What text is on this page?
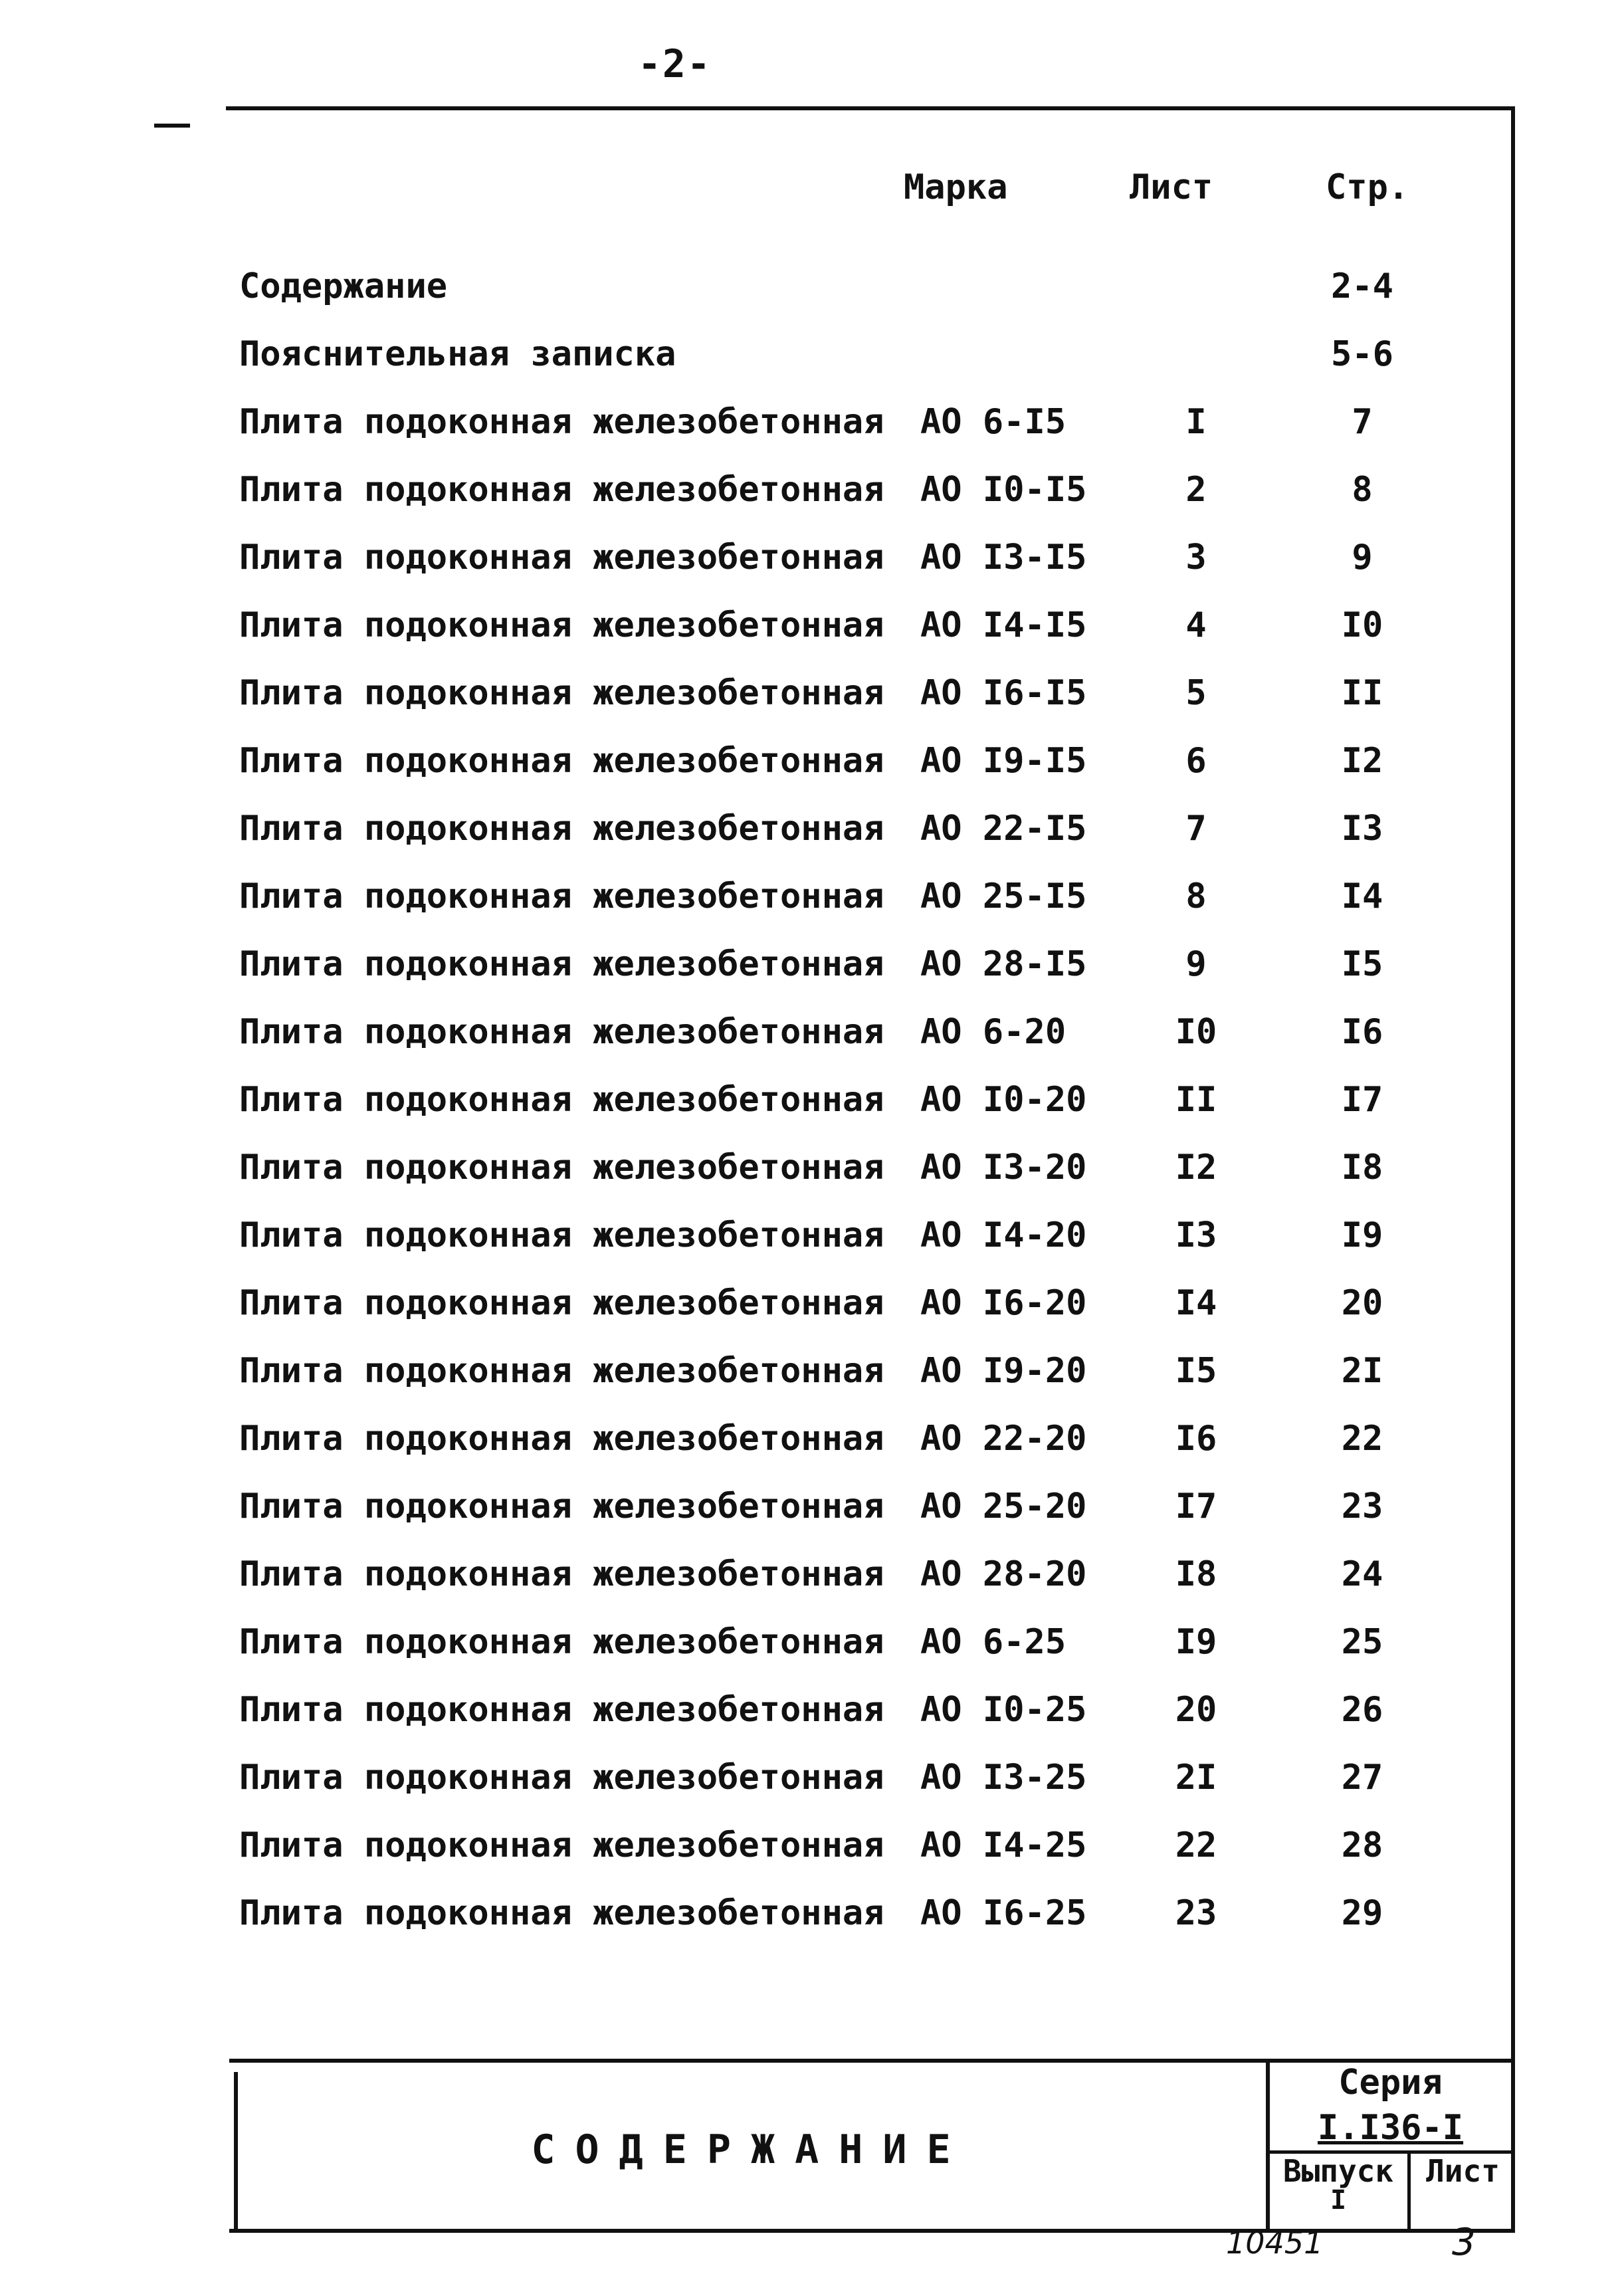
-2-
Марка	Лист	Стр.
Содержание	2-4
Пояснительная записка	5-6
Плита подоконная железобетонная АО 6-I5	I	7
Плита подоконная железобетонная АО I0-I5	2	8
Плита подоконная железобетонная АО I3-I5	3	9
Плита подоконная железобетонная АО I4-I5	4	I0
Плита подоконная железобетонная АО I6-I5	5	II
Плита подоконная железобетонная АО I9-I5	6	I2
Плита подоконная железобетонная АО 22-I5	7	I3
Плита подоконная железобетонная АО 25-I5	8	I4
Плита подоконная железобетонная АО 28-I5	9	I5
Плита подоконная железобетонная АО 6-20	I0	I6
Плита подоконная железобетонная АО I0-20	II	I7
Плита подоконная железобетонная АО I3-20	I2	I8
Плита подоконная железобетонная АО I4-20	I3	I9
Плита подоконная железобетонная АО I6-20	I4	20
Плита подоконная железобетонная АО I9-20	I5	2I
Плита подоконная железобетонная АО 22-20	I6	22
Плита подоконная железобетонная АО 25-20	I7	23
Плита подоконная железобетонная АО 28-20	I8	24
Плита подоконная железобетонная АО 6-25	I9	25
Плита подоконная железобетонная АО I0-25	20	26
Плита подоконная железобетонная АО I3-25	2I	27
Плита подоконная железобетонная АО I4-25	22	28
Плита подоконная железобетонная АО I6-25	23	29
СОДЕРЖАНИЕ
Серия
I.I36-I
Выпуск
I
Лист
10451	3
